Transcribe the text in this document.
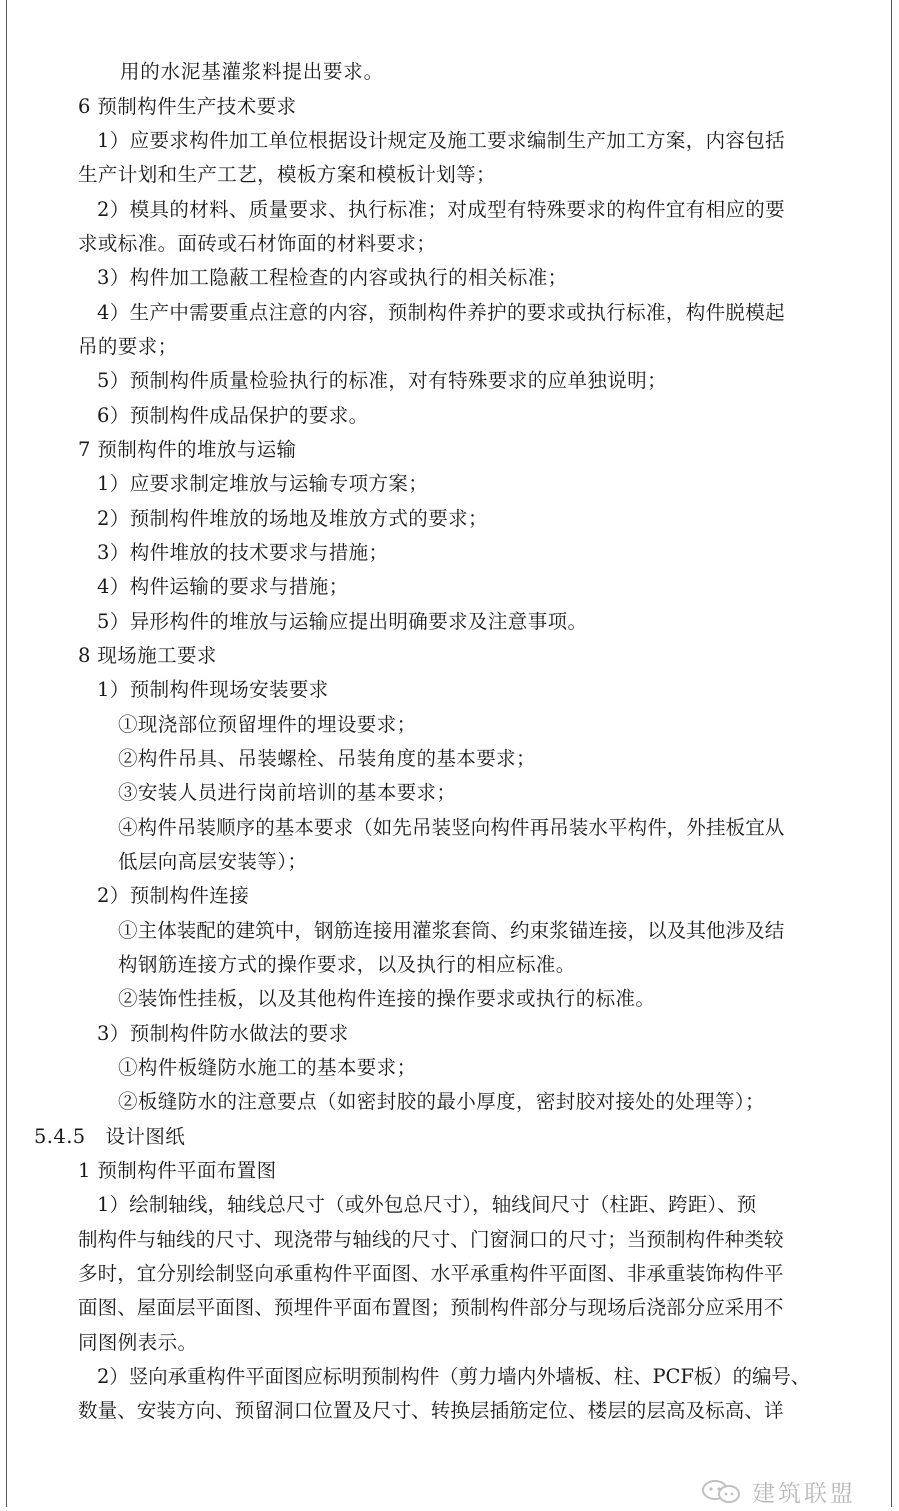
用的水泥基灌浆料提出要求。
6 预制构件生产技术要求
1）应要求构件加工单位根据设计规定及施工要求编制生产加工方案，内容包括
生产计划和生产工艺，模板方案和模板计划等；
2）模具的材料、质量要求、执行标准；对成型有特殊要求的构件宜有相应的要
求或标准。面砖或石材饰面的材料要求；
3）构件加工隐蔽工程检查的内容或执行的相关标准；
4）生产中需要重点注意的内容，预制构件养护的要求或执行标准，构件脱模起
吊的要求；
5）预制构件质量检验执行的标准，对有特殊要求的应单独说明；
6）预制构件成品保护的要求。
7 预制构件的堆放与运输
1）应要求制定堆放与运输专项方案；
2）预制构件堆放的场地及堆放方式的要求；
3）构件堆放的技术要求与措施；
4）构件运输的要求与措施；
5）异形构件的堆放与运输应提出明确要求及注意事项。
8 现场施工要求
1）预制构件现场安装要求
①现浇部位预留埋件的埋设要求；
②构件吊具、吊装螺栓、吊装角度的基本要求；
③安装人员进行岗前培训的基本要求；
④构件吊装顺序的基本要求（如先吊装竖向构件再吊装水平构件，外挂板宜从
低层向高层安装等）；
2）预制构件连接
①主体装配的建筑中，钢筋连接用灌浆套筒、约束浆锚连接，以及其他涉及结
构钢筋连接方式的操作要求，以及执行的相应标准。
②装饰性挂板，以及其他构件连接的操作要求或执行的标准。
3）预制构件防水做法的要求
①构件板缝防水施工的基本要求；
②板缝防水的注意要点（如密封胶的最小厚度，密封胶对接处的处理等）；
5.4.5　设计图纸
1 预制构件平面布置图
1）绘制轴线，轴线总尺寸（或外包总尺寸），轴线间尺寸（柱距、跨距）、预
制构件与轴线的尺寸、现浇带与轴线的尺寸、门窗洞口的尺寸；当预制构件种类较
多时，宜分别绘制竖向承重构件平面图、水平承重构件平面图、非承重装饰构件平
面图、屋面层平面图、预埋件平面布置图；预制构件部分与现场后浇部分应采用不
同图例表示。
2）竖向承重构件平面图应标明预制构件（剪力墙内外墙板、柱、PCF板）的编号、
数量、安装方向、预留洞口位置及尺寸、转换层插筋定位、楼层的层高及标高、详
建筑联盟
